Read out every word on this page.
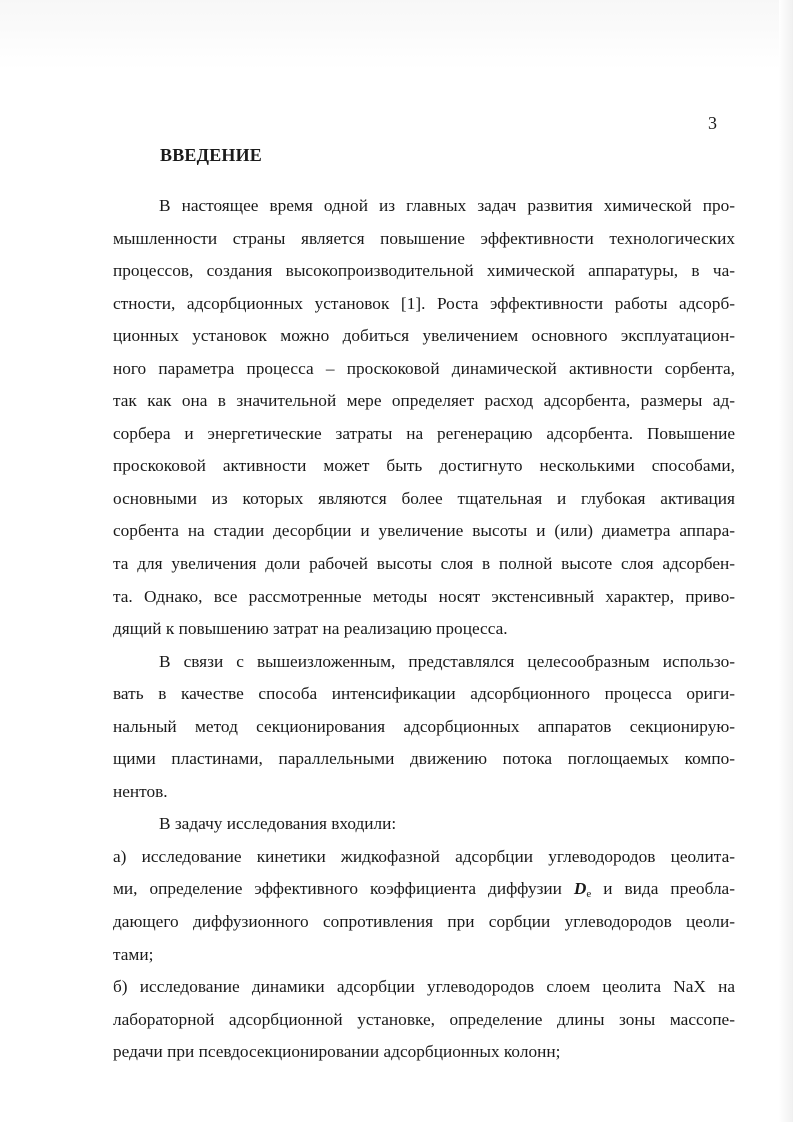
3
ВВЕДЕНИЕ
В настоящее время одной из главных задач развития химической про-
мышленности страны является повышение эффективности технологических
процессов, создания высокопроизводительной химической аппаратуры, в ча-
стности, адсорбционных установок [1]. Роста эффективности работы адсорб-
ционных установок можно добиться увеличением основного эксплуатацион-
ного параметра процесса – проскоковой динамической активности сорбента,
так как она в значительной мере определяет расход адсорбента, размеры ад-
сорбера и энергетические затраты на регенерацию адсорбента. Повышение
проскоковой активности может быть достигнуто несколькими способами,
основными из которых являются более тщательная и глубокая активация
сорбента на стадии десорбции и увеличение высоты и (или) диаметра аппара-
та для увеличения доли рабочей высоты слоя в полной высоте слоя адсорбен-
та. Однако, все рассмотренные методы носят экстенсивный характер, приво-
дящий к повышению затрат на реализацию процесса.
В связи с вышеизложенным, представлялся целесообразным использо-
вать в качестве способа интенсификации адсорбционного процесса ориги-
нальный метод секционирования адсорбционных аппаратов секционирую-
щими пластинами, параллельными движению потока поглощаемых компо-
нентов.
В задачу исследования входили:
а) исследование кинетики жидкофазной адсорбции углеводородов цеолита-
ми, определение эффективного коэффициента диффузии $D_е$ и вида преобла-
дающего диффузионного сопротивления при сорбции углеводородов цеоли-
тами;
б) исследование динамики адсорбции углеводородов слоем цеолита NaX на
лабораторной адсорбционной установке, определение длины зоны массопе-
редачи при псевдосекционировании адсорбционных колонн;
